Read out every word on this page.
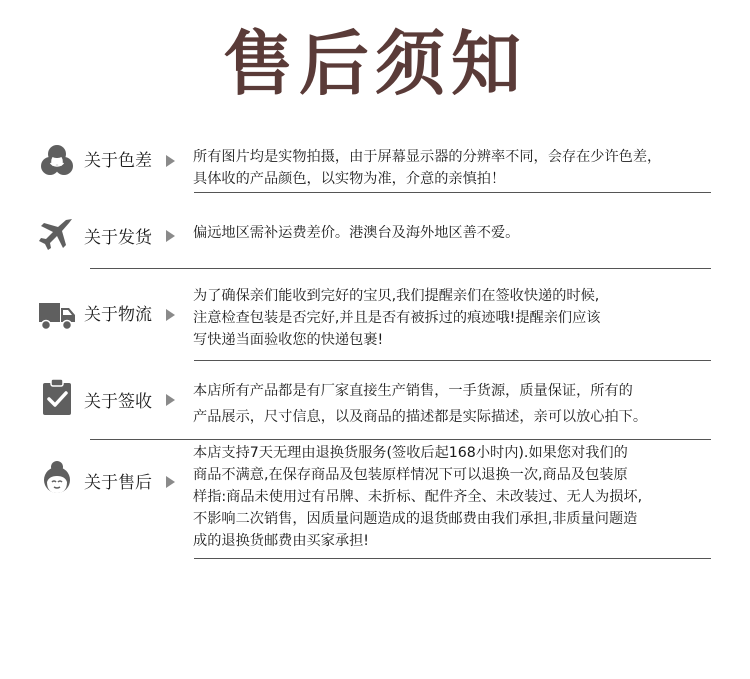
售后须知
关于色差	所有图片均是实物拍摄，由于屏幕显示器的分辨率不同，会存在少许色差，
具体收的产品颜色，以实物为准，介意的亲慎拍！
关于发货	偏远地区需补运费差价。港澳台及海外地区善不爱。
关于物流
为了确保亲们能收到完好的宝贝,我们提醒亲们在签收快递的时候,
注意检查包装是否完好,并且是否有被拆过的痕迹哦!提醒亲们应该
写快递当面验收您的快递包裹!
关于签收
本店所有产品都是有厂家直接生产销售，一手货源，质量保证，所有的
产品展示，尺寸信息，以及商品的描述都是实际描述，亲可以放心拍下。
关于售后
本店支持7天无理由退换货服务(签收后起168小时内).如果您对我们的
商品不满意,在保存商品及包装原样情况下可以退换一次,商品及包装原
样指:商品未使用过有吊牌、未折标、配件齐全、未改装过、无人为损坏,
不影响二次销售，因质量问题造成的退货邮费由我们承担,非质量问题造
成的退换货邮费由买家承担!
